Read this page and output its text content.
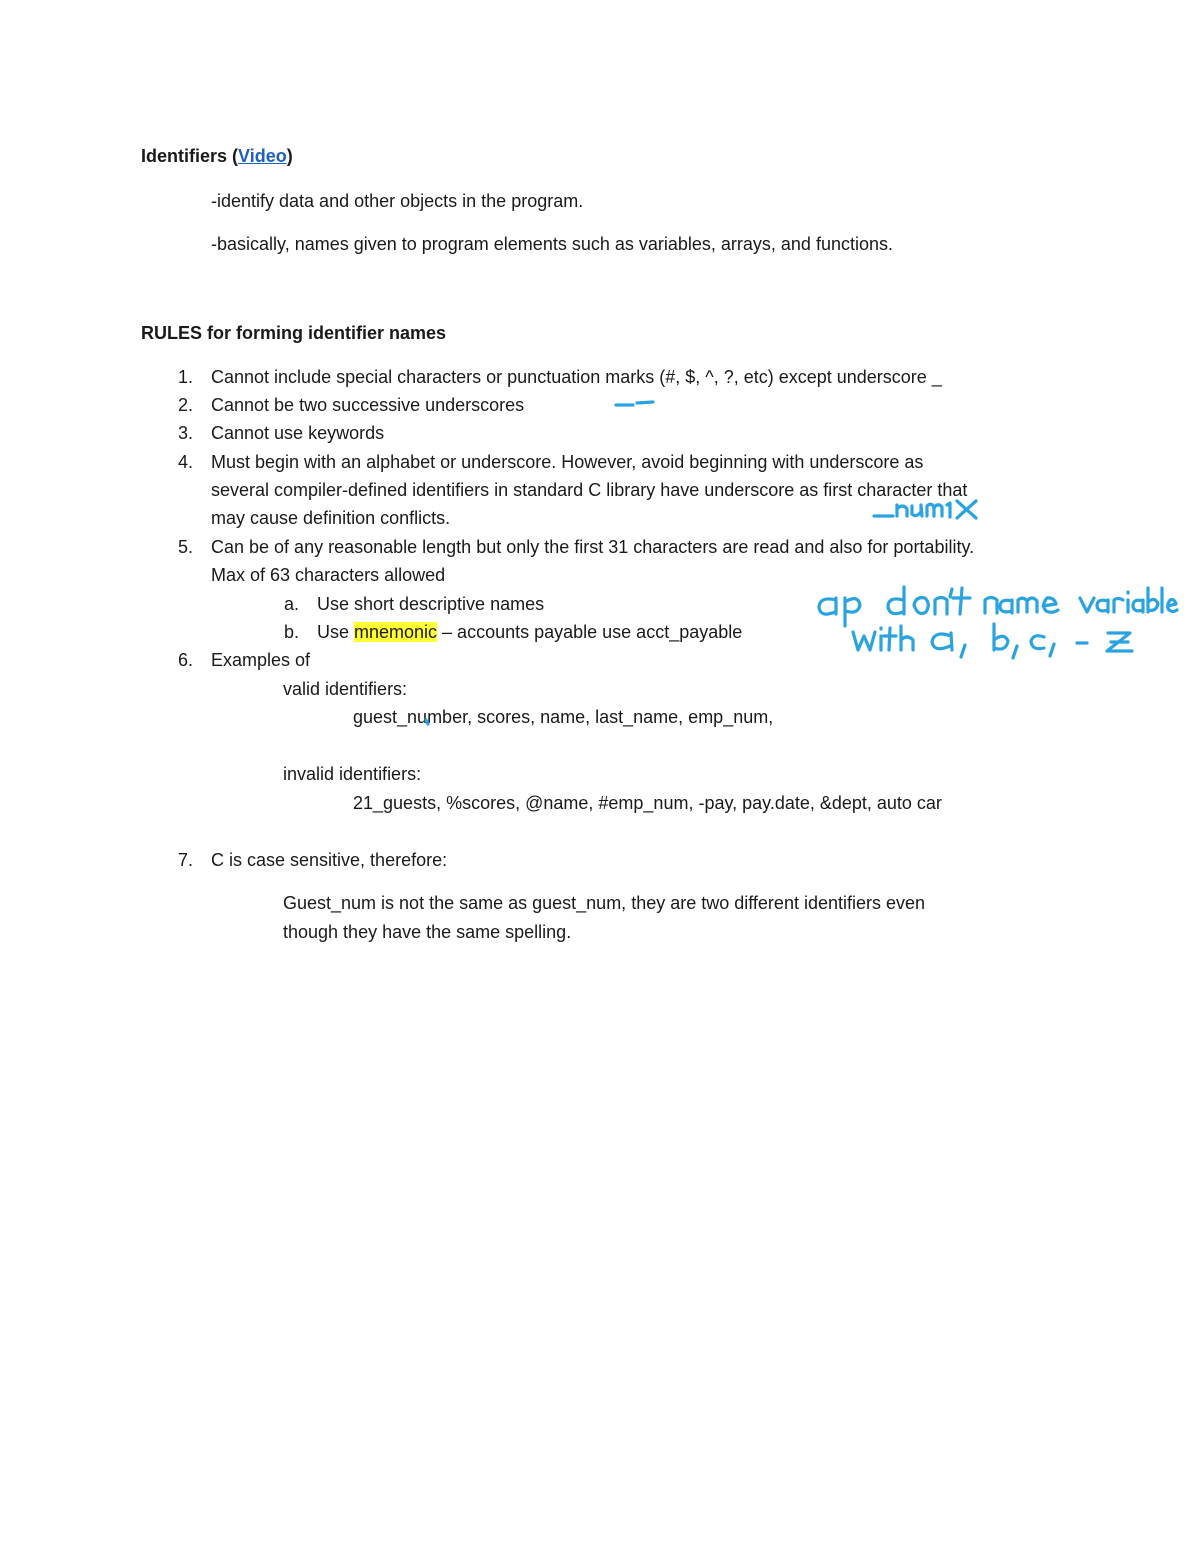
Identifiers (Video)
-identify data and other objects in the program.
-basically, names given to program elements such as variables, arrays, and functions.
RULES for forming identifier names
1. Cannot include special characters or punctuation marks (#, $, ^, ?, etc) except underscore _
2. Cannot be two successive underscores
3. Cannot use keywords
4. Must begin with an alphabet or underscore. However, avoid beginning with underscore as
several compiler-defined identifiers in standard C library have underscore as first character that
may cause definition conflicts.
5. Can be of any reasonable length but only the first 31 characters are read and also for portability.
Max of 63 characters allowed
a. Use short descriptive names
b. Use mnemonic – accounts payable use acct_payable
6. Examples of
valid identifiers:
guest_number, scores, name, last_name, emp_num,
invalid identifiers:
21_guests, %scores, @name, #emp_num, -pay, pay.date, &dept, auto car
7. C is case sensitive, therefore:
Guest_num is not the same as guest_num, they are two different identifiers even
though they have the same spelling.
